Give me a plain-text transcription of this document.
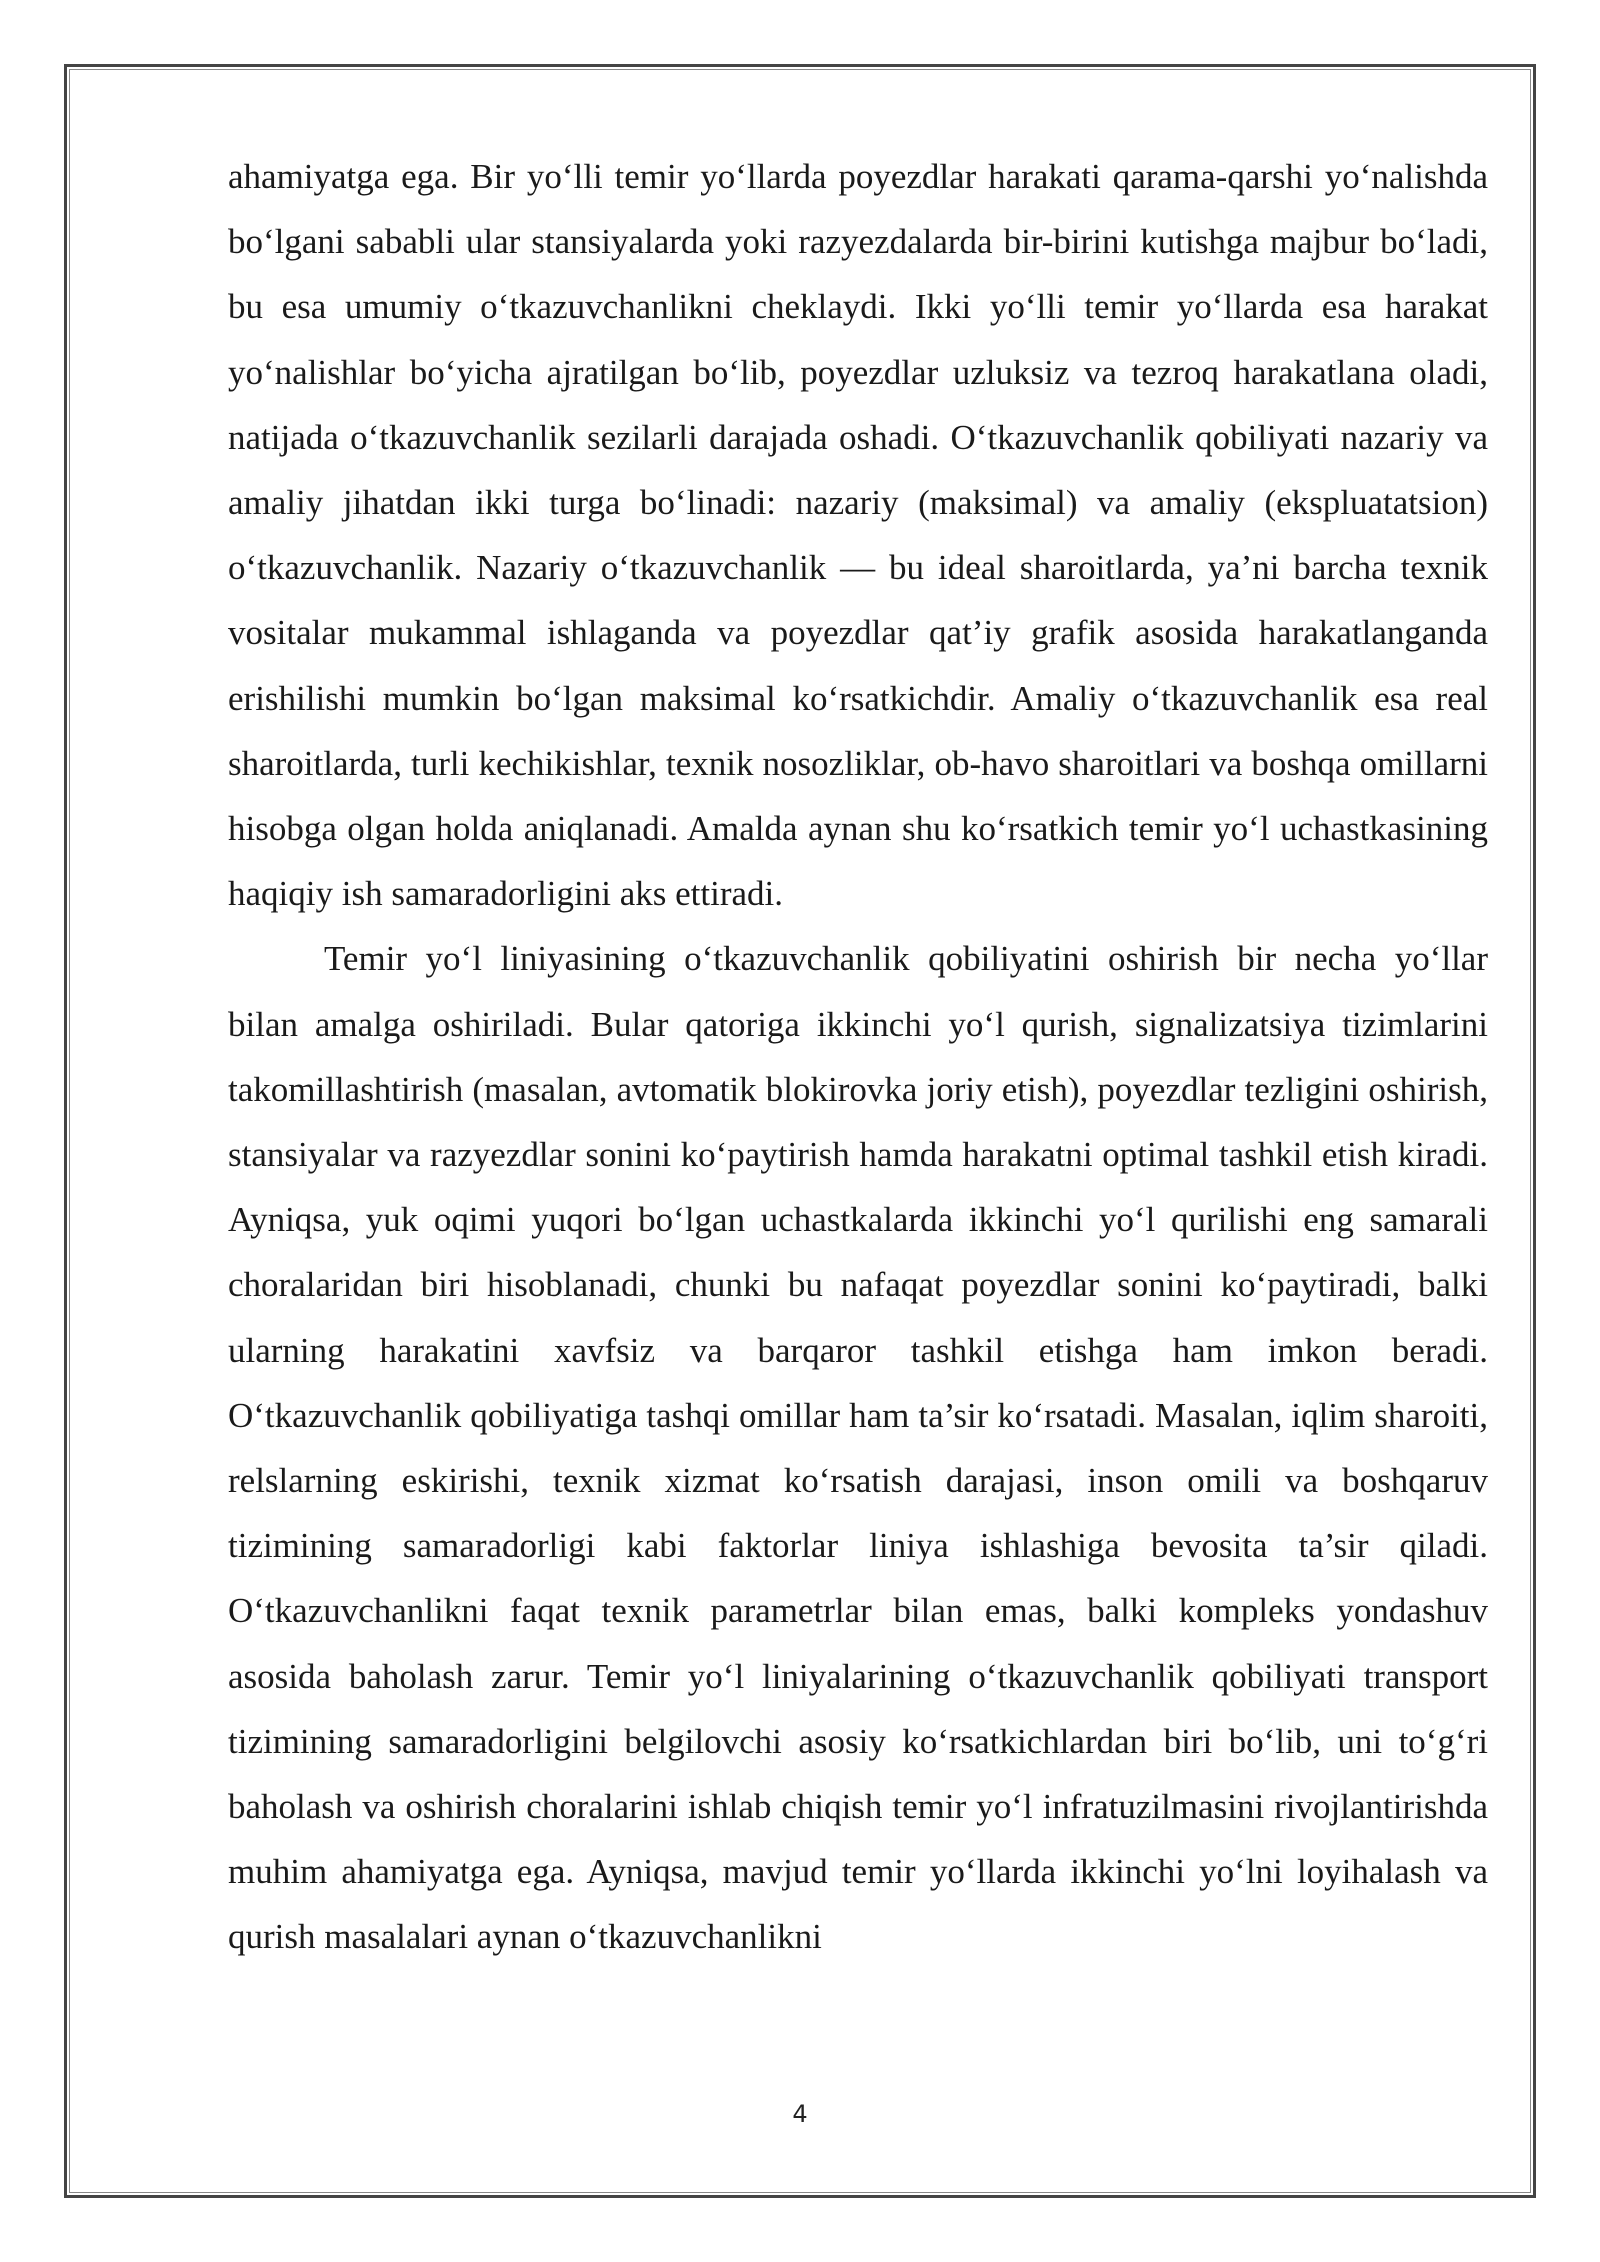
ahamiyatga ega. Bir yo‘lli temir yo‘llarda poyezdlar harakati qarama-qarshi yo‘nalishda bo‘lgani sababli ular stansiyalarda yoki razyezdalarda bir-birini kutishga majbur bo‘ladi, bu esa umumiy o‘tkazuvchanlikni cheklaydi. Ikki yo‘lli temir yo‘llarda esa harakat yo‘nalishlar bo‘yicha ajratilgan bo‘lib, poyezdlar uzluksiz va tezroq harakatlana oladi, natijada o‘tkazuvchanlik sezilarli darajada oshadi. O‘tkazuvchanlik qobiliyati nazariy va amaliy jihatdan ikki turga bo‘linadi: nazariy (maksimal) va amaliy (ekspluatatsion) o‘tkazuvchanlik. Nazariy o‘tkazuvchanlik — bu ideal sharoitlarda, ya’ni barcha texnik vositalar mukammal ishlaganda va poyezdlar qat’iy grafik asosida harakatlanganda erishilishi mumkin bo‘lgan maksimal ko‘rsatkichdir. Amaliy o‘tkazuvchanlik esa real sharoitlarda, turli kechikishlar, texnik nosozliklar, ob-havo sharoitlari va boshqa omillarni hisobga olgan holda aniqlanadi. Amalda aynan shu ko‘rsatkich temir yo‘l uchastkasining haqiqiy ish samaradorligini aks ettiradi.

Temir yo‘l liniyasining o‘tkazuvchanlik qobiliyatini oshirish bir necha yo‘llar bilan amalga oshiriladi. Bular qatoriga ikkinchi yo‘l qurish, signalizatsiya tizimlarini takomillashtirish (masalan, avtomatik blokirovka joriy etish), poyezdlar tezligini oshirish, stansiyalar va razyezdlar sonini ko‘paytirish hamda harakatni optimal tashkil etish kiradi. Ayniqsa, yuk oqimi yuqori bo‘lgan uchastkalarda ikkinchi yo‘l qurilishi eng samarali choralaridan biri hisoblanadi, chunki bu nafaqat poyezdlar sonini ko‘paytiradi, balki ularning harakatini xavfsiz va barqaror tashkil etishga ham imkon beradi. O‘tkazuvchanlik qobiliyatiga tashqi omillar ham ta’sir ko‘rsatadi. Masalan, iqlim sharoiti, relslarning eskirishi, texnik xizmat ko‘rsatish darajasi, inson omili va boshqaruv tizimining samaradorligi kabi faktorlar liniya ishlashiga bevosita ta’sir qiladi. O‘tkazuvchanlikni faqat texnik parametrlar bilan emas, balki kompleks yondashuv asosida baholash zarur. Temir yo‘l liniyalarining o‘tkazuvchanlik qobiliyati transport tizimining samaradorligini belgilovchi asosiy ko‘rsatkichlardan biri bo‘lib, uni to‘g‘ri baholash va oshirish choralarini ishlab chiqish temir yo‘l infratuzilmasini rivojlantirishda muhim ahamiyatga ega. Ayniqsa, mavjud temir yo‘llarda ikkinchi yo‘lni loyihalash va qurish masalalari aynan o‘tkazuvchanlikni

4
